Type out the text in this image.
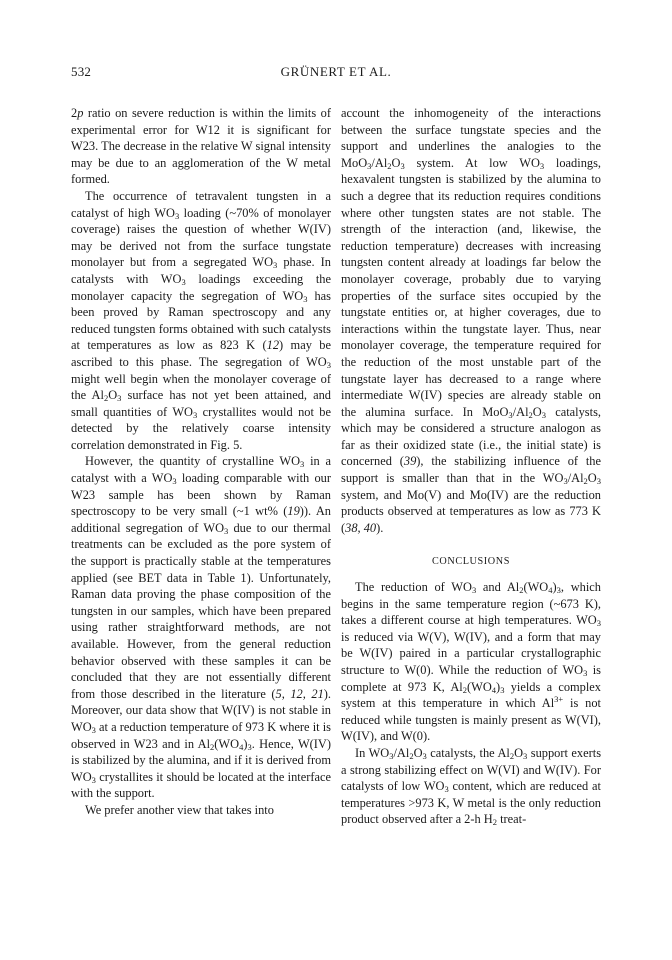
532	GRÜNERT ET AL.

2p ratio on severe reduction is within the limits of experimental error for W12 it is significant for W23. The decrease in the relative W signal intensity may be due to an agglomeration of the W metal formed.

The occurrence of tetravalent tungsten in a catalyst of high $WO_3$ loading (~70% of monolayer coverage) raises the question of whether W(IV) may be derived not from the surface tungstate monolayer but from a segregated $WO_3$ phase. In catalysts with $WO_3$ loadings exceeding the monolayer capacity the segregation of $WO_3$ has been proved by Raman spectroscopy and any reduced tungsten forms obtained with such catalysts at temperatures as low as 823 K (12) may be ascribed to this phase. The segregation of $WO_3$ might well begin when the monolayer coverage of the $Al_2O_3$ surface has not yet been attained, and small quantities of $WO_3$ crystallites would not be detected by the relatively coarse intensity correlation demonstrated in Fig. 5.

However, the quantity of crystalline $WO_3$ in a catalyst with a $WO_3$ loading comparable with our W23 sample has been shown by Raman spectroscopy to be very small (~1 wt% (19)). An additional segregation of $WO_3$ due to our thermal treatments can be excluded as the pore system of the support is practically stable at the temperatures applied (see BET data in Table 1). Unfortunately, Raman data proving the phase composition of the tungsten in our samples, which have been prepared using rather straightforward methods, are not available. However, from the general reduction behavior observed with these samples it can be concluded that they are not essentially different from those described in the literature (5, 12, 21). Moreover, our data show that W(IV) is not stable in $WO_3$ at a reduction temperature of 973 K where it is observed in W23 and in $Al_2(WO_4)_3$. Hence, W(IV) is stabilized by the alumina, and if it is derived from $WO_3$ crystallites it should be located at the interface with the support.

We prefer another view that takes into

account the inhomogeneity of the interactions between the surface tungstate species and the support and underlines the analogies to the $MoO_3/Al_2O_3$ system. At low $WO_3$ loadings, hexavalent tungsten is stabilized by the alumina to such a degree that its reduction requires conditions where other tungsten states are not stable. The strength of the interaction (and, likewise, the reduction temperature) decreases with increasing tungsten content already at loadings far below the monolayer coverage, probably due to varying properties of the surface sites occupied by the tungstate entities or, at higher coverages, due to interactions within the tungstate layer. Thus, near monolayer coverage, the temperature required for the reduction of the most unstable part of the tungstate layer has decreased to a range where intermediate W(IV) species are already stable on the alumina surface. In $MoO_3/Al_2O_3$ catalysts, which may be considered a structure analogon as far as their oxidized state (i.e., the initial state) is concerned (39), the stabilizing influence of the support is smaller than that in the $WO_3/Al_2O_3$ system, and Mo(V) and Mo(IV) are the reduction products observed at temperatures as low as 773 K (38, 40).

CONCLUSIONS

The reduction of $WO_3$ and $Al_2(WO_4)_3$, which begins in the same temperature region (~673 K), takes a different course at high temperatures. $WO_3$ is reduced via W(V), W(IV), and a form that may be W(IV) paired in a particular crystallographic structure to W(0). While the reduction of $WO_3$ is complete at 973 K, $Al_2(WO_4)_3$ yields a complex system at this temperature in which $Al^{3+}$ is not reduced while tungsten is mainly present as W(VI), W(IV), and W(0).

In $WO_3/Al_2O_3$ catalysts, the $Al_2O_3$ support exerts a strong stabilizing effect on W(VI) and W(IV). For catalysts of low $WO_3$ content, which are reduced at temperatures >973 K, W metal is the only reduction product observed after a 2-h $H_2$ treat-
